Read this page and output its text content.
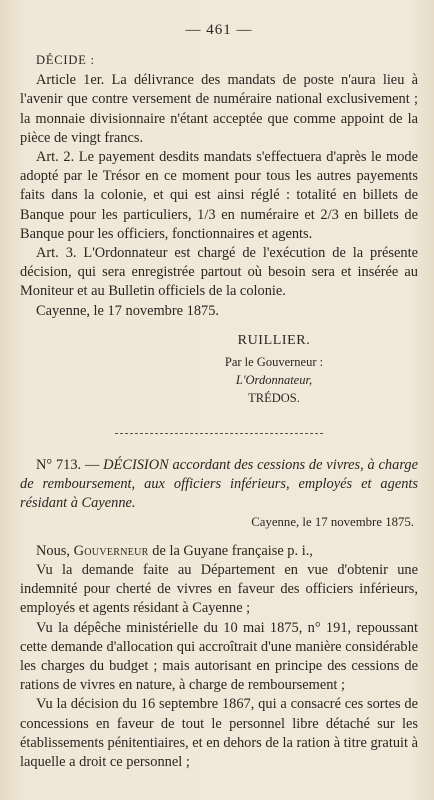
— 461 —

DÉCIDE :

Article 1er. La délivrance des mandats de poste n'aura lieu à l'avenir que contre versement de numéraire national exclusivement ; la monnaie divisionnaire n'étant acceptée que comme appoint de la pièce de vingt francs.

Art. 2. Le payement desdits mandats s'effectuera d'après le mode adopté par le Trésor en ce moment pour tous les autres payements faits dans la colonie, et qui est ainsi réglé : totalité en billets de Banque pour les particuliers, 1/3 en numéraire et 2/3 en billets de Banque pour les officiers, fonctionnaires et agents.

Art. 3. L'Ordonnateur est chargé de l'exécution de la présente décision, qui sera enregistrée partout où besoin sera et insérée au Moniteur et au Bulletin officiels de la colonie.

Cayenne, le 17 novembre 1875.

RUILLIER.
Par le Gouverneur :
L'Ordonnateur,
TRÉDOS.

N° 713. — DÉCISION accordant des cessions de vivres, à charge de remboursement, aux officiers inférieurs, employés et agents résidant à Cayenne.

Cayenne, le 17 novembre 1875.

Nous, Gouverneur de la Guyane française p. i.,

Vu la demande faite au Département en vue d'obtenir une indemnité pour cherté de vivres en faveur des officiers inférieurs, employés et agents résidant à Cayenne ;

Vu la dépêche ministérielle du 10 mai 1875, n° 191, repoussant cette demande d'allocation qui accroîtrait d'une manière considérable les charges du budget ; mais autorisant en principe des cessions de rations de vivres en nature, à charge de remboursement ;

Vu la décision du 16 septembre 1867, qui a consacré ces sortes de concessions en faveur de tout le personnel libre détaché sur les établissements pénitentiaires, et en dehors de la ration à titre gratuit à laquelle a droit ce personnel ;
